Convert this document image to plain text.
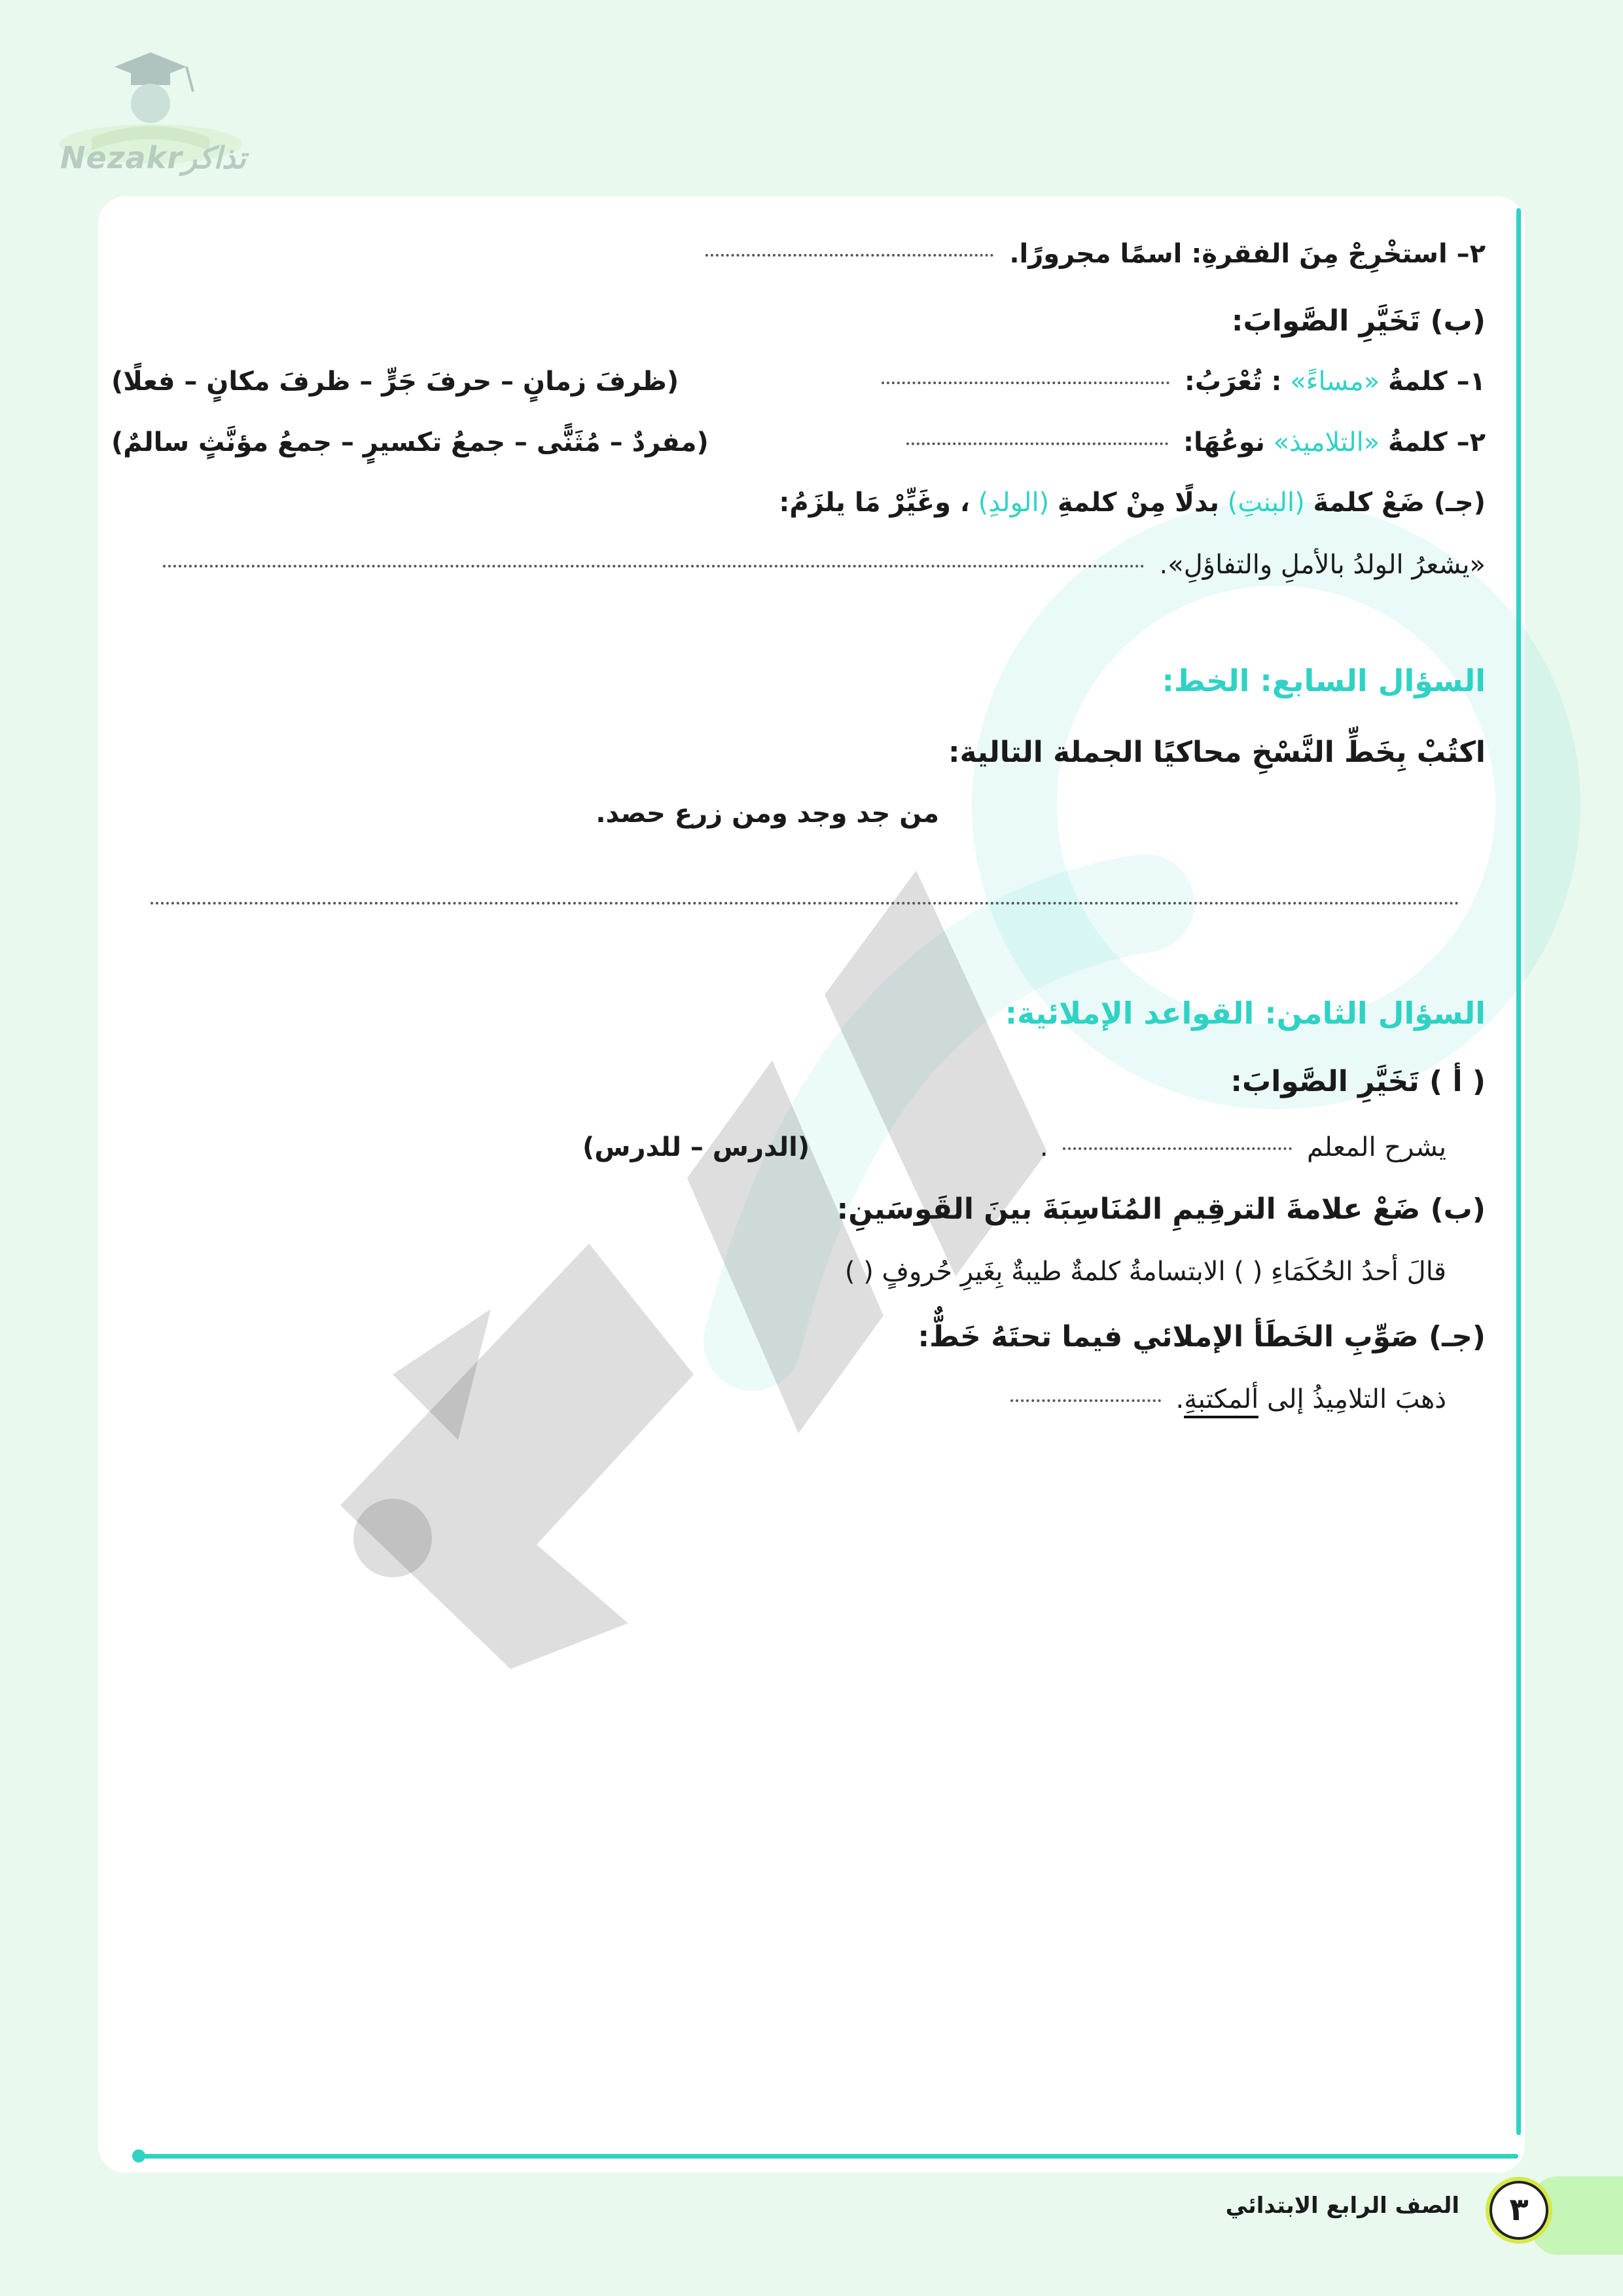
Nezakrتذاكر
٢– استخْرِجْ مِنَ الفقرةِ: اسمًا مجرورًا.
(ب) تَخَيَّرِ الصَّوابَ:
١– كلمةُ «مساءً» : تُعْرَبُ:
(ظرفَ زمانٍ – حرفَ جَرٍّ – ظرفَ مكانٍ – فعلًا)
٢– كلمةُ «التلاميذ» نوعُهَا:
(مفردٌ – مُثَنًّى – جمعُ تكسيرٍ – جمعُ مؤنَّثٍ سالمٌ)
(جـ) ضَعْ كلمةَ (البنتِ) بدلًا مِنْ كلمةِ (الولدِ) ، وغَيِّرْ مَا يلزَمُ:
«يشعرُ الولدُ بالأملِ والتفاؤلِ».
السؤال السابع: الخط:
اكتُبْ بِخَطِّ النَّسْخِ محاكيًا الجملة التالية:
من جد وجد ومن زرع حصد.
السؤال الثامن: القواعد الإملائية:
( أ ) تَخَيَّرِ الصَّوابَ:
يشرح المعلم  .
(الدرس – للدرس)
(ب) ضَعْ علامةَ الترقِيمِ المُنَاسِبَةَ بينَ القَوسَينِ:
قالَ أحدُ الحُكَمَاءِ ( ) الابتسامةُ كلمةٌ طيبةٌ بِغَيرِ حُروفٍ ( )
(جـ) صَوِّبِ الخَطَأ الإملائي فيما تحتَهُ خَطٌّ:
ذهبَ التلامِيذُ إلى ألمكتبةِ.
٣
الصف الرابع الابتدائي
